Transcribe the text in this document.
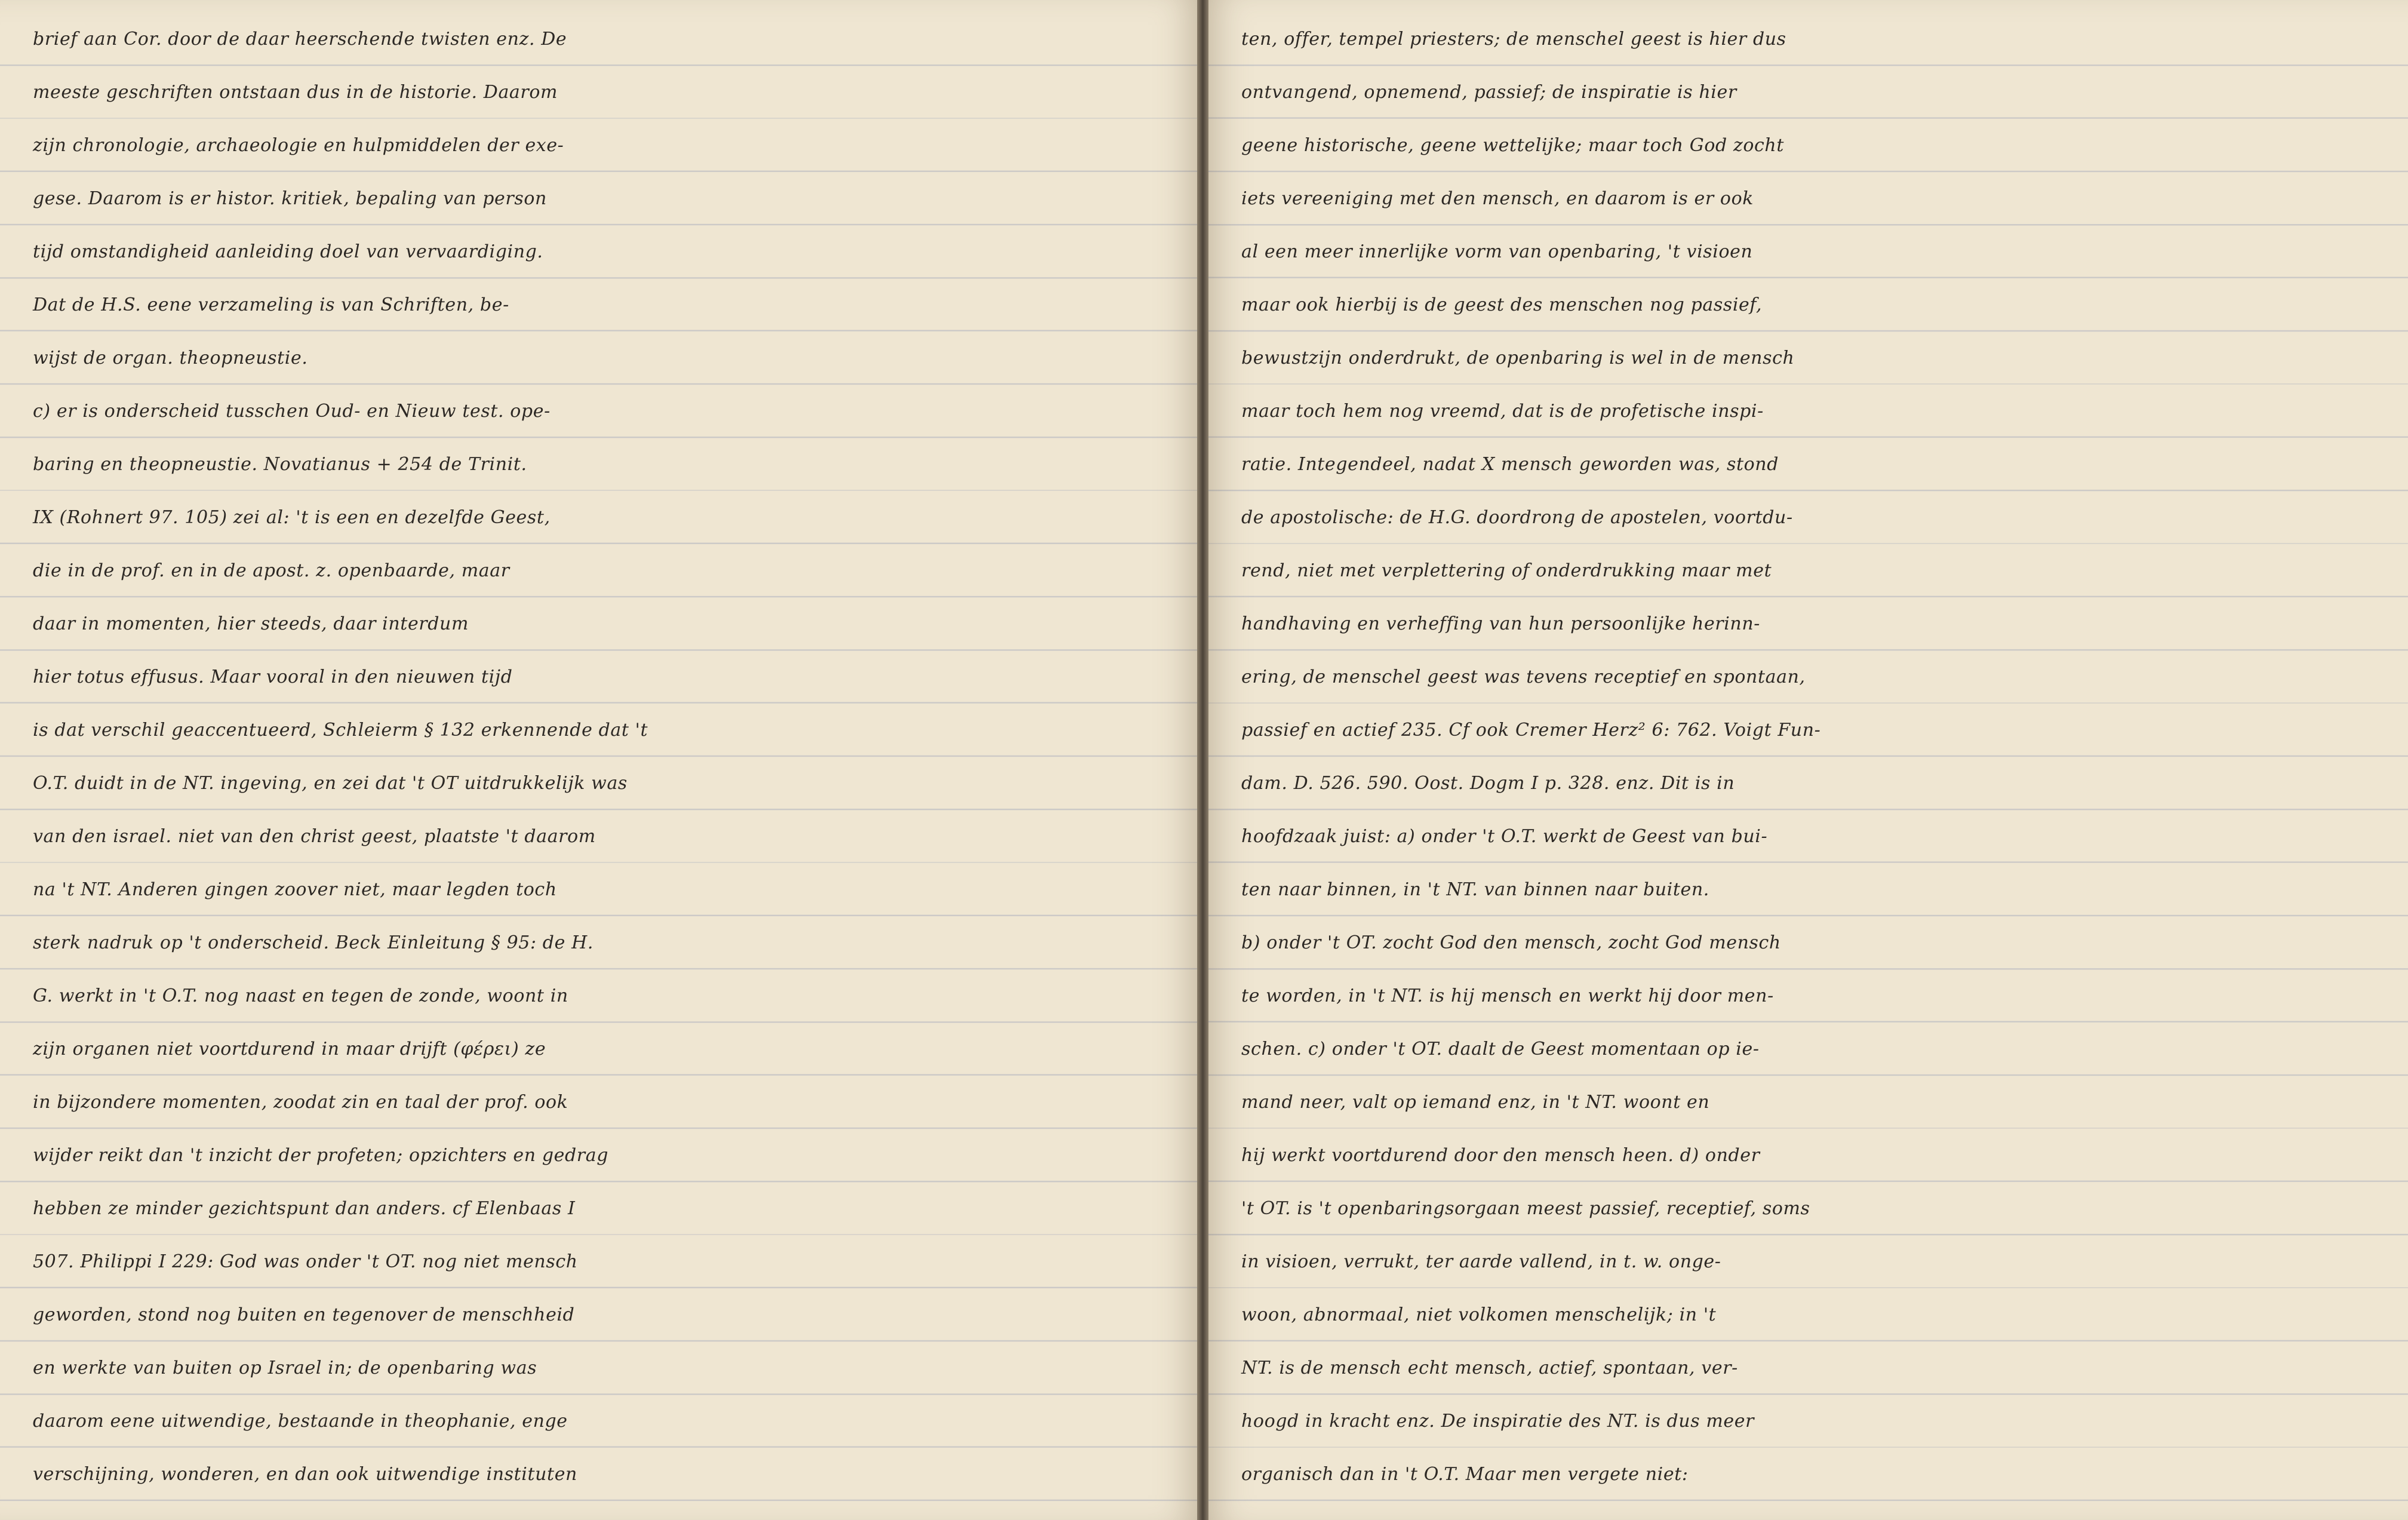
brief aan Cor. door de daar heerschende twisten enz. De
meeste geschriften ontstaan dus in de historie. Daarom
zijn chronologie, archaeologie en hulpmiddelen der exe-
gese. Daarom is er histor. kritiek, bepaling van person
tijd omstandigheid aanleiding doel van vervaardiging.
Dat de H.S. eene verzameling is van Schriften, be-
wijst de organ. theopneustie.
c) er is onderscheid tusschen Oud- en Nieuw test. ope-
baring en theopneustie. Novatianus + 254 de Trinit.
IX (Rohnert 97. 105) zei al: 't is een en dezelfde Geest,
die in de prof. en in de apost. z. openbaarde, maar
daar in momenten, hier steeds, daar interdum
hier totus effusus. Maar vooral in den nieuwen tijd
is dat verschil geaccentueerd, Schleierm § 132 erkennende dat 't
O.T. duidt in de NT. ingeving, en zei dat 't OT uitdrukkelijk was
van den israel. niet van den christ geest, plaatste 't daarom
na 't NT. Anderen gingen zoover niet, maar legden toch
sterk nadruk op 't onderscheid. Beck Einleitung § 95: de H.
G. werkt in 't O.T. nog naast en tegen de zonde, woont in
zijn organen niet voortdurend in maar drijft (φέρει) ze
in bijzondere momenten, zoodat zin en taal der prof. ook
wijder reikt dan 't inzicht der profeten; opzichters en gedrag
hebben ze minder gezichtspunt dan anders. cf Elenbaas I
507. Philippi I 229: God was onder 't OT. nog niet mensch
geworden, stond nog buiten en tegenover de menschheid
en werkte van buiten op Israel in; de openbaring was
daarom eene uitwendige, bestaande in theophanie, enge
verschijning, wonderen, en dan ook uitwendige instituten
ten, offer, tempel priesters; de menschel geest is hier dus
ontvangend, opnemend, passief; de inspiratie is hier
geene historische, geene wettelijke; maar toch God zocht
iets vereeniging met den mensch, en daarom is er ook
al een meer innerlijke vorm van openbaring, 't visioen
maar ook hierbij is de geest des menschen nog passief,
bewustzijn onderdrukt, de openbaring is wel in de mensch
maar toch hem nog vreemd, dat is de profetische inspi-
ratie. Integendeel, nadat X mensch geworden was, stond
de apostolische: de H.G. doordrong de apostelen, voortdu-
rend, niet met verplettering of onderdrukking maar met
handhaving en verheffing van hun persoonlijke herinn-
ering, de menschel geest was tevens receptief en spontaan,
passief en actief 235. Cf ook Cremer Herz² 6: 762. Voigt Fun-
dam. D. 526. 590. Oost. Dogm I p. 328. enz. Dit is in
hoofdzaak juist: a) onder 't O.T. werkt de Geest van bui-
ten naar binnen, in 't NT. van binnen naar buiten.
b) onder 't OT. zocht God den mensch, zocht God mensch
te worden, in 't NT. is hij mensch en werkt hij door men-
schen. c) onder 't OT. daalt de Geest momentaan op ie-
mand neer, valt op iemand enz, in 't NT. woont en
hij werkt voortdurend door den mensch heen. d) onder
't OT. is 't openbaringsorgaan meest passief, receptief, soms
in visioen, verrukt, ter aarde vallend, in t. w. onge-
woon, abnormaal, niet volkomen menschelijk; in 't
NT. is de mensch echt mensch, actief, spontaan, ver-
hoogd in kracht enz. De inspiratie des NT. is dus meer
organisch dan in 't O.T. Maar men vergete niet:
